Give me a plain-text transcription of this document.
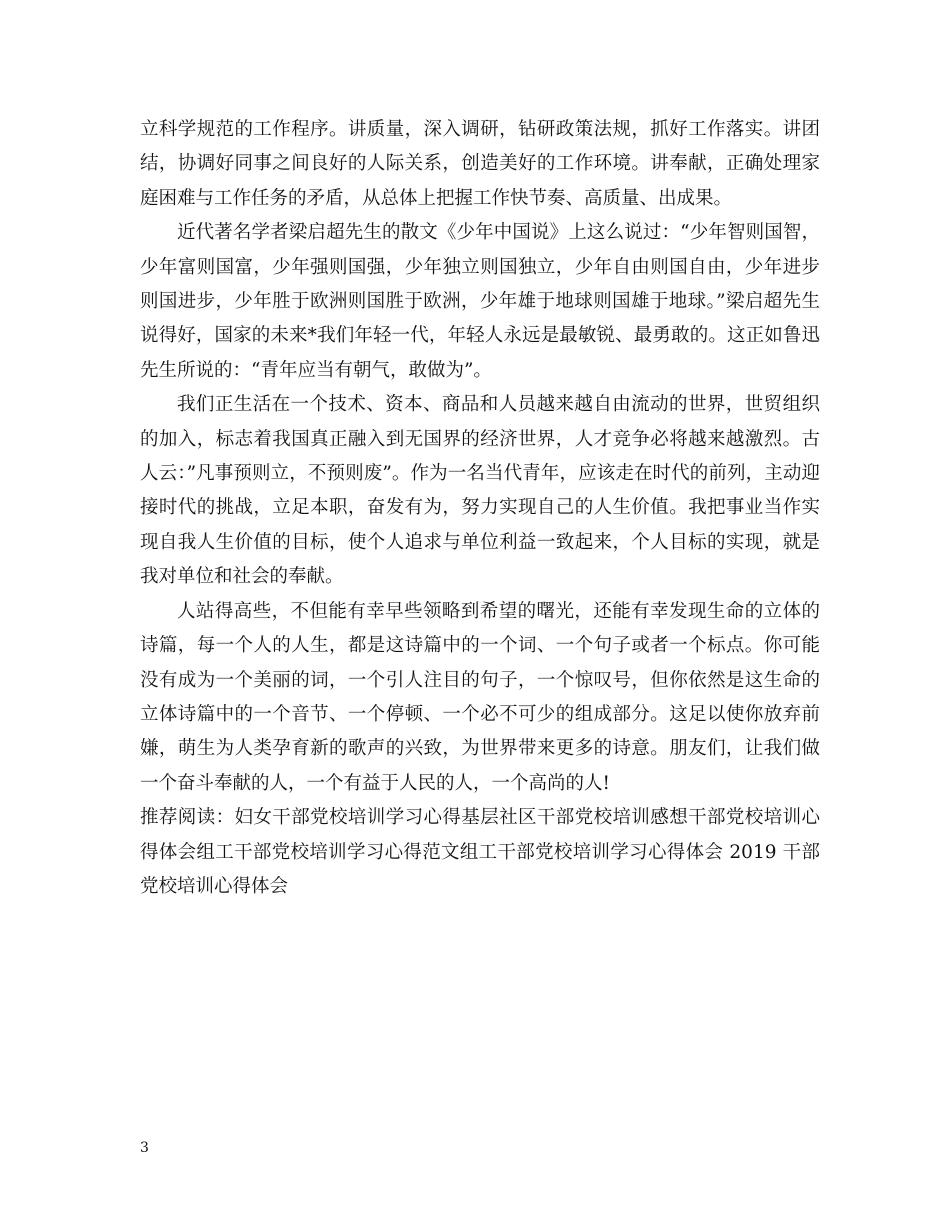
立科学规范的工作程序。讲质量，深入调研，钻研政策法规，抓好工作落实。讲团结，协调好同事之间良好的人际关系，创造美好的工作环境。讲奉献，正确处理家庭困难与工作任务的矛盾，从总体上把握工作快节奏、高质量、出成果。

近代著名学者梁启超先生的散文《少年中国说》上这么说过：“少年智则国智，少年富则国富，少年强则国强，少年独立则国独立，少年自由则国自由，少年进步则国进步，少年胜于欧洲则国胜于欧洲，少年雄于地球则国雄于地球。”梁启超先生说得好，国家的未来*我们年轻一代，年轻人永远是最敏锐、最勇敢的。这正如鲁迅先生所说的：“青年应当有朝气，敢做为”。

我们正生活在一个技术、资本、商品和人员越来越自由流动的世界，世贸组织的加入，标志着我国真正融入到无国界的经济世界，人才竞争必将越来越激烈。古人云：”凡事预则立，不预则废”。作为一名当代青年，应该走在时代的前列，主动迎接时代的挑战，立足本职，奋发有为，努力实现自己的人生价值。我把事业当作实现自我人生价值的目标，使个人追求与单位利益一致起来，个人目标的实现，就是我对单位和社会的奉献。

人站得高些，不但能有幸早些领略到希望的曙光，还能有幸发现生命的立体的诗篇，每一个人的人生，都是这诗篇中的一个词、一个句子或者一个标点。你可能没有成为一个美丽的词，一个引人注目的句子，一个惊叹号，但你依然是这生命的立体诗篇中的一个音节、一个停顿、一个必不可少的组成部分。这足以使你放弃前嫌，萌生为人类孕育新的歌声的兴致，为世界带来更多的诗意。朋友们，让我们做一个奋斗奉献的人，一个有益于人民的人，一个高尚的人!

推荐阅读：妇女干部党校培训学习心得基层社区干部党校培训感想干部党校培训心得体会组工干部党校培训学习心得范文组工干部党校培训学习心得体会 2019 干部党校培训心得体会

3
